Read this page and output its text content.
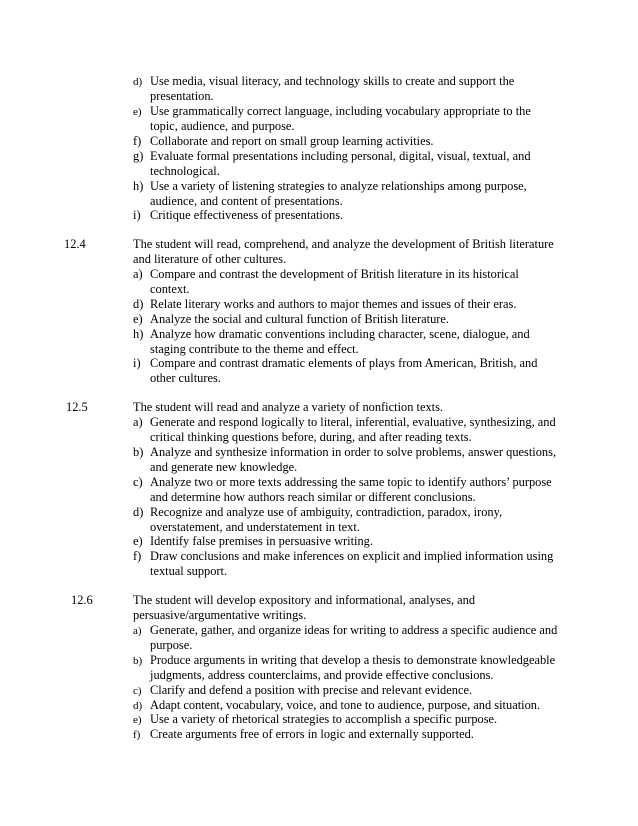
d) Use media, visual literacy, and technology skills to create and support the
presentation.
e) Use grammatically correct language, including vocabulary appropriate to the
topic, audience, and purpose.
f) Collaborate and report on small group learning activities.
g) Evaluate formal presentations including personal, digital, visual, textual, and
technological.
h) Use a variety of listening strategies to analyze relationships among purpose,
audience, and content of presentations.
i) Critique effectiveness of presentations.
12.4	The student will read, comprehend, and analyze the development of British literature
and literature of other cultures.
a) Compare and contrast the development of British literature in its historical
context.
d) Relate literary works and authors to major themes and issues of their eras.
e) Analyze the social and cultural function of British literature.
h) Analyze how dramatic conventions including character, scene, dialogue, and
staging contribute to the theme and effect.
i) Compare and contrast dramatic elements of plays from American, British, and
other cultures.
12.5	The student will read and analyze a variety of nonfiction texts.
a) Generate and respond logically to literal, inferential, evaluative, synthesizing, and
critical thinking questions before, during, and after reading texts.
b) Analyze and synthesize information in order to solve problems, answer questions,
and generate new knowledge.
c) Analyze two or more texts addressing the same topic to identify authors’ purpose
and determine how authors reach similar or different conclusions.
d) Recognize and analyze use of ambiguity, contradiction, paradox, irony,
overstatement, and understatement in text.
e) Identify false premises in persuasive writing.
f) Draw conclusions and make inferences on explicit and implied information using
textual support.
12.6	The student will develop expository and informational, analyses, and
persuasive/argumentative writings.
a) Generate, gather, and organize ideas for writing to address a specific audience and
purpose.
b) Produce arguments in writing that develop a thesis to demonstrate knowledgeable
judgments, address counterclaims, and provide effective conclusions.
c) Clarify and defend a position with precise and relevant evidence.
d) Adapt content, vocabulary, voice, and tone to audience, purpose, and situation.
e) Use a variety of rhetorical strategies to accomplish a specific purpose.
f) Create arguments free of errors in logic and externally supported.
